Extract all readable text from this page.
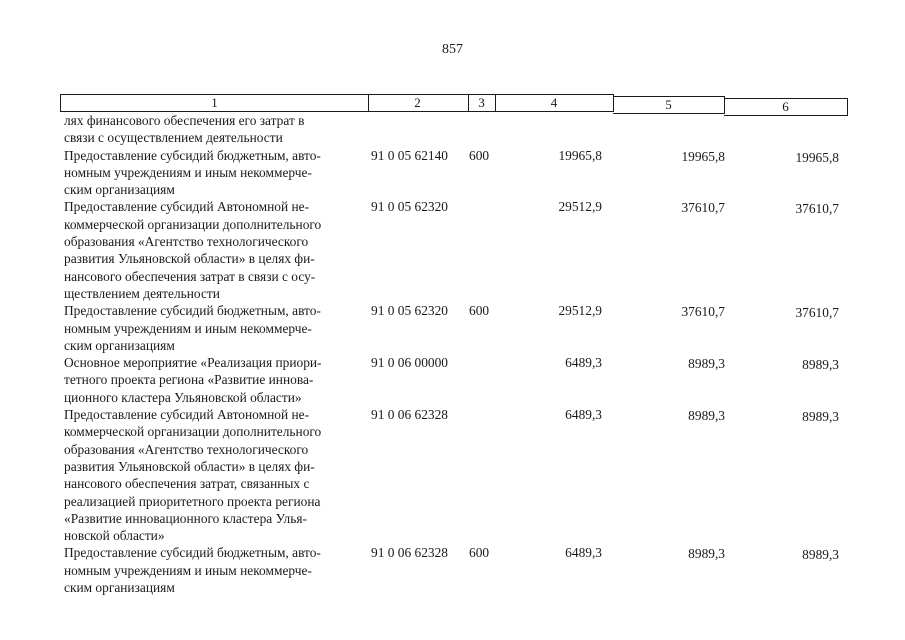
857
1	2	3	4	5	6
ляx финансового обеспечения его затрат в
связи с осуществлением деятельности
Предоставление субсидий бюджетным, авто-
номным учреждениям и иным некоммерче-
ским организациям
91 0 05 62140 600	19965,8	19965,8	19965,8
Предоставление субсидий Автономной не-
коммерческой организации дополнительного
образования «Агентство технологического
развития Ульяновской области» в целях фи-
нансового обеспечения затрат в связи с осу-
ществлением деятельности
91 0 05 62320	29512,9	37610,7	37610,7
Предоставление субсидий бюджетным, авто-
номным учреждениям и иным некоммерче-
ским организациям
91 0 05 62320 600	29512,9	37610,7	37610,7
Основное мероприятие «Реализация приори-
тетного проекта региона «Развитие иннова-
ционного кластера Ульяновской области»
91 0 06 00000	6489,3	8989,3	8989,3
Предоставление субсидий Автономной не-
коммерческой организации дополнительного
образования «Агентство технологического
развития Ульяновской области» в целях фи-
нансового обеспечения затрат, связанных с
реализацией приоритетного проекта региона
«Развитие инновационного кластера Улья-
новской области»
91 0 06 62328	6489,3	8989,3	8989,3
Предоставление субсидий бюджетным, авто-
номным учреждениям и иным некоммерче-
ским организациям
91 0 06 62328 600	6489,3	8989,3	8989,3
